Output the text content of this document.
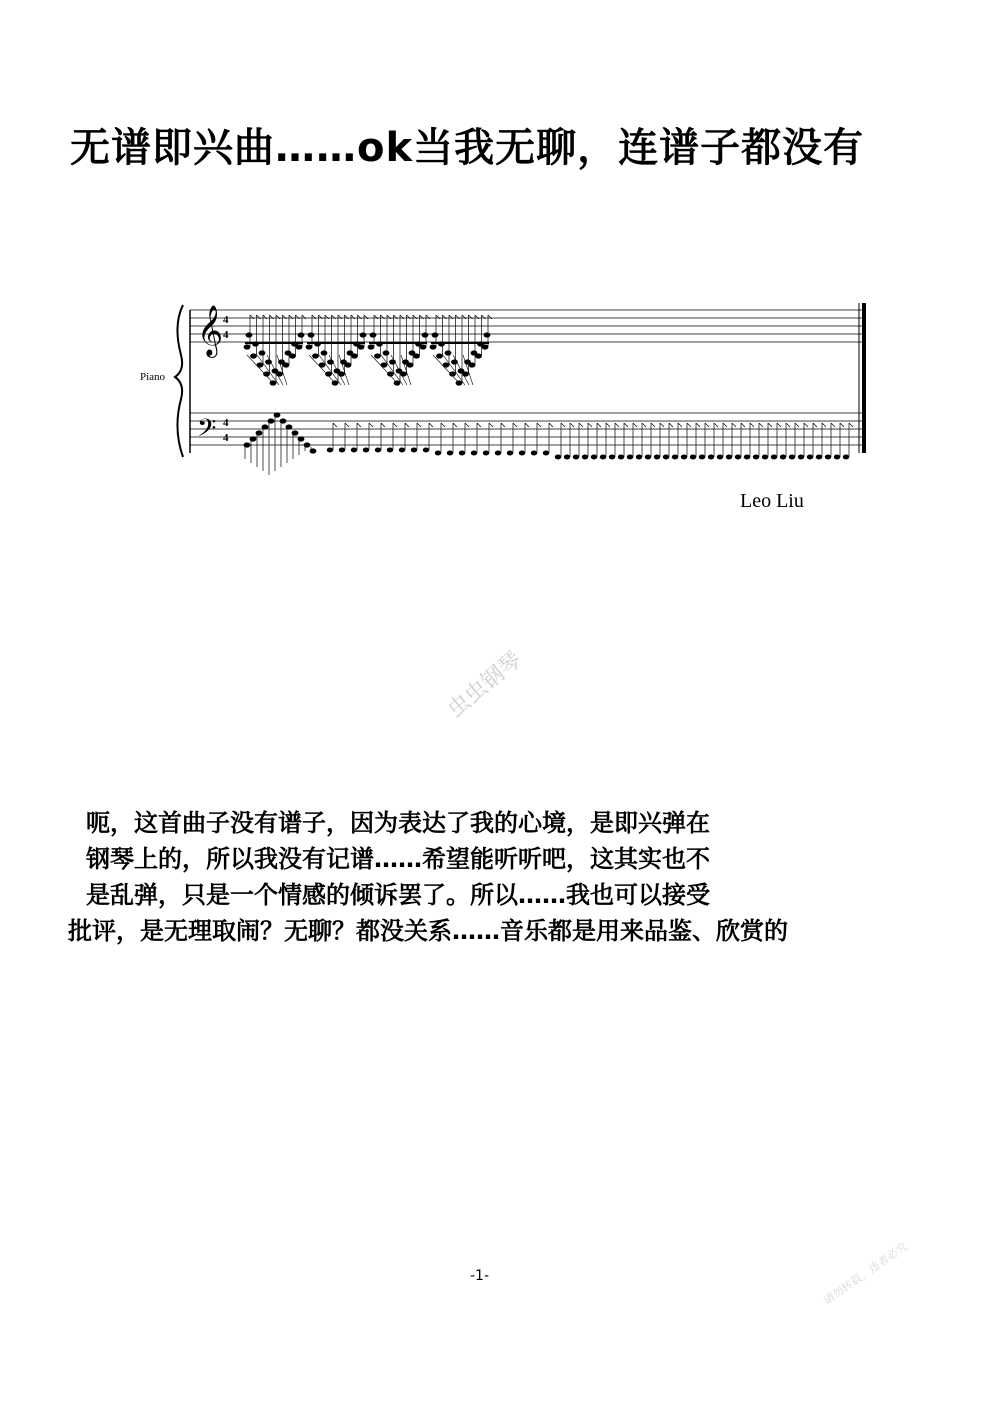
无谱即兴曲……ok当我无聊，连谱子都没有
Piano
𝄞
𝄢
4
4
4
4
Leo Liu
虫虫钢琴
呃，这首曲子没有谱子，因为表达了我的心境，是即兴弹在
钢琴上的，所以我没有记谱……希望能听听吧，这其实也不
是乱弹，只是一个情感的倾诉罢了。所以……我也可以接受
批评，是无理取闹？无聊？都没关系……音乐都是用来品鉴、欣赏的
-1-	请勿转载，违者必究
